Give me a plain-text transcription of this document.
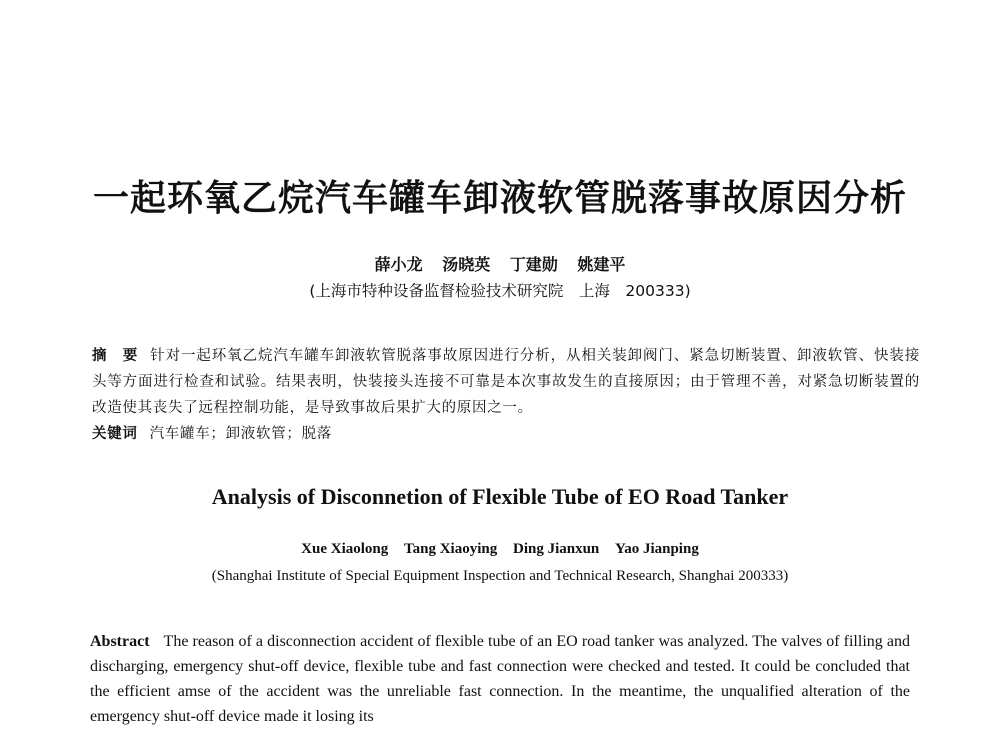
一起环氧乙烷汽车罐车卸液软管脱落事故原因分析
薛小龙 汤晓英 丁建勋 姚建平
(上海市特种设备监督检验技术研究院　上海　200333)
摘　要 针对一起环氧乙烷汽车罐车卸液软管脱落事故原因进行分析，从相关装卸阀门、紧急切断装置、卸液软管、快装接头等方面进行检查和试验。结果表明，快装接头连接不可靠是本次事故发生的直接原因；由于管理不善，对紧急切断装置的改造使其丧失了远程控制功能，是导致事故后果扩大的原因之一。
关键词 汽车罐车；卸液软管；脱落
Analysis of Disconnetion of Flexible Tube of EO Road Tanker
Xue Xiaolong Tang Xiaoying Ding Jianxun Yao Jianping
(Shanghai Institute of Special Equipment Inspection and Technical Research, Shanghai 200333)
Abstract The reason of a disconnection accident of flexible tube of an EO road tanker was analyzed. The valves of filling and discharging, emergency shut-off device, flexible tube and fast connection were checked and tested. It could be concluded that the efficient amse of the accident was the unreliable fast connection. In the meantime, the unqualified alteration of the emergency shut-off device made it losing its
